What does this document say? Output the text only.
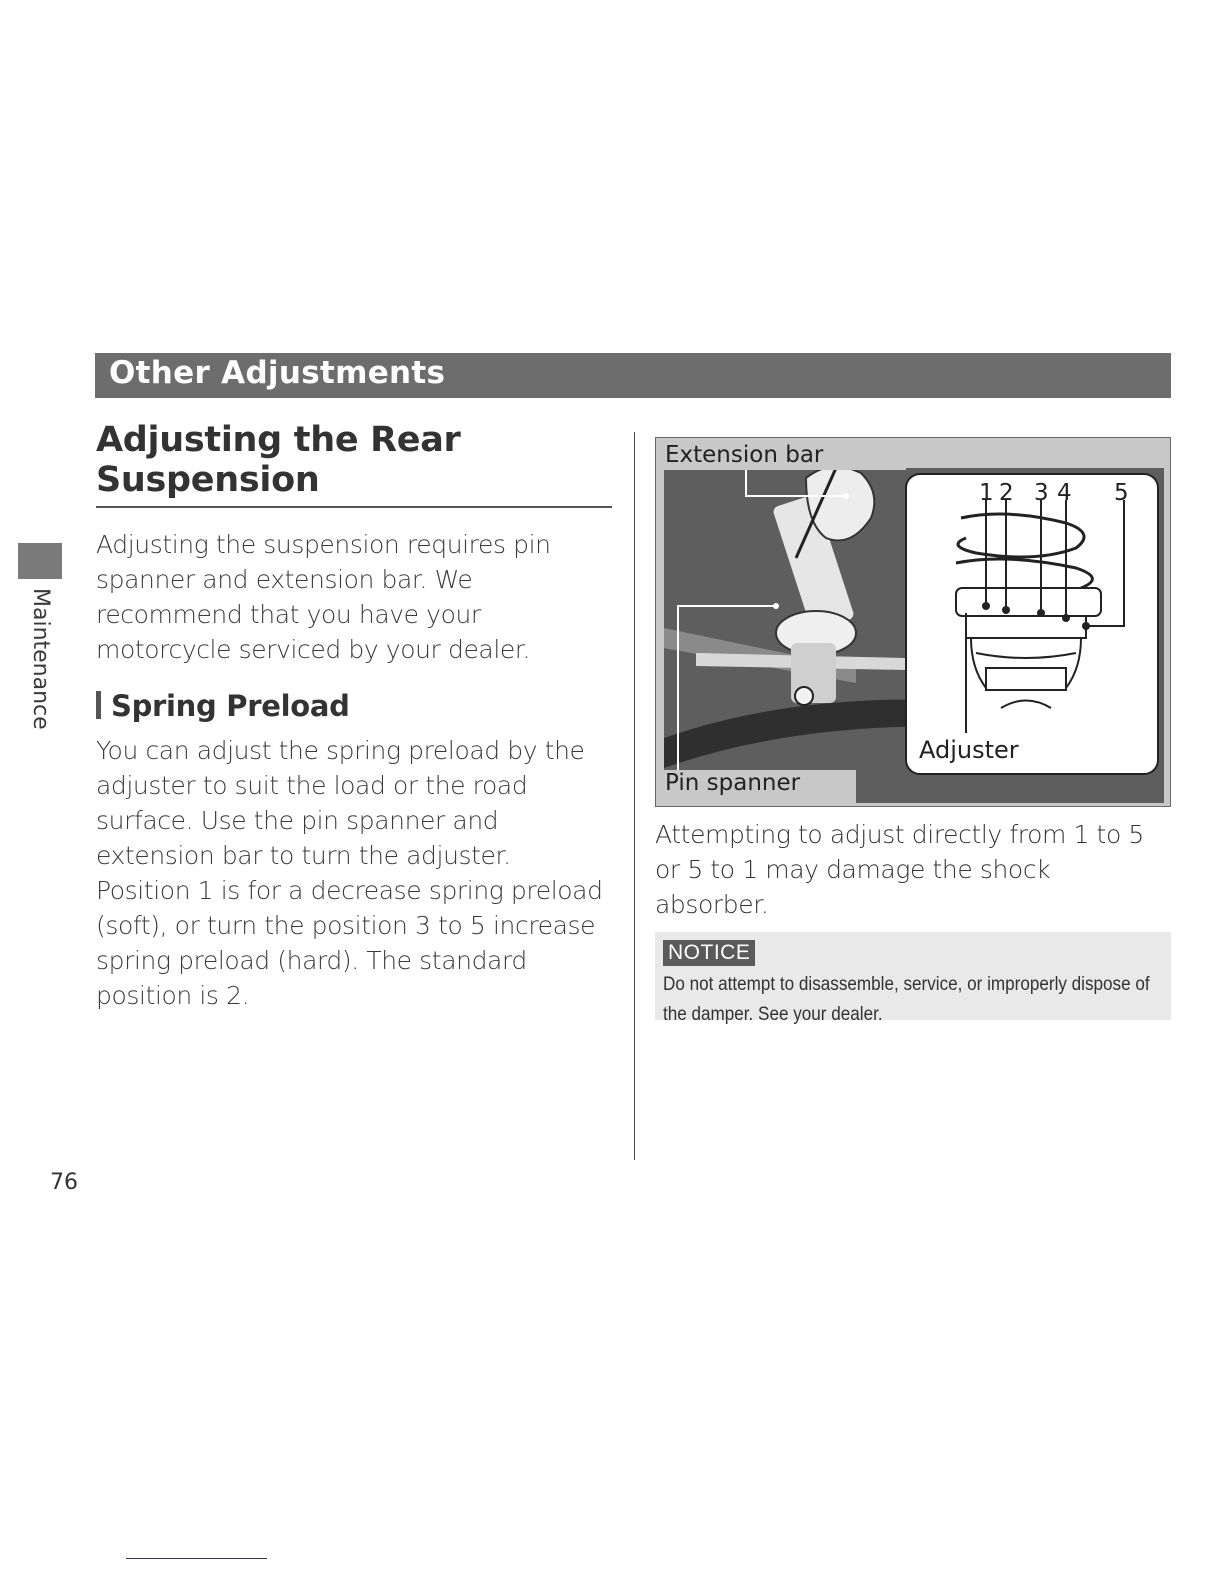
Other Adjustments
Maintenance
Adjusting the Rear Suspension

Adjusting the suspension requires pin spanner and extension bar. We recommend that you have your motorcycle serviced by your dealer.

Spring Preload

You can adjust the spring preload by the adjuster to suit the load or the road surface. Use the pin spanner and extension bar to turn the adjuster. Position 1 is for a decrease spring preload (soft), or turn the position 3 to 5 increase spring preload (hard). The standard position is 2.

Extension bar
Pin spanner
Adjuster
1 2 3 4 5

Attempting to adjust directly from 1 to 5 or 5 to 1 may damage the shock absorber.

NOTICE

Do not attempt to disassemble, service, or improperly dispose of the damper. See your dealer.

76
